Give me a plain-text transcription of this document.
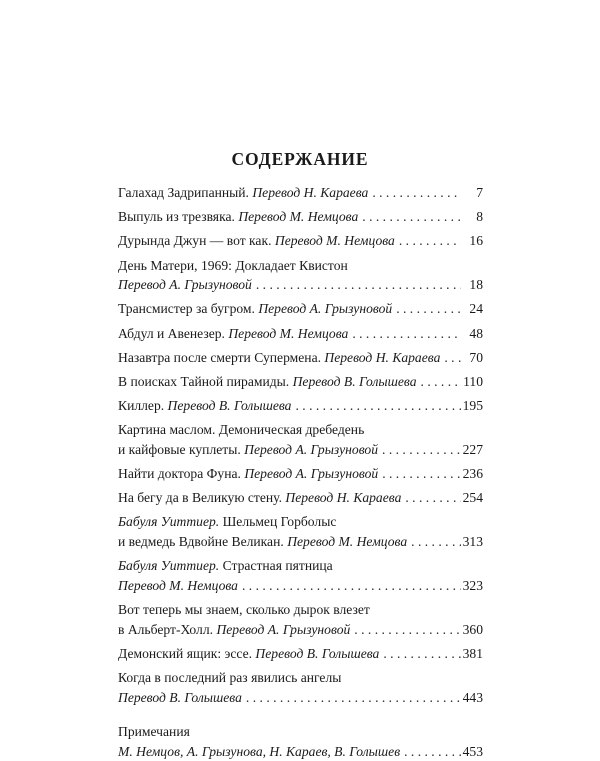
СОДЕРЖАНИЕ
Галахад Задрипанный. Перевод Н. Караева . . .	7
Выпуль из трезвяка. Перевод М. Немцова . . .	8
Дурында Джун — вот как. Перевод М. Немцова . . .	16
День Матери, 1969: Докладает Квистон
Перевод А. Грызуновой . . .	18
Трансмистер за бугром. Перевод А. Грызуновой . . .	24
Абдул и Авенезер. Перевод М. Немцова . . .	48
Назавтра после смерти Супермена. Перевод Н. Караева . . .	70
В поисках Тайной пирамиды. Перевод В. Голышева . . .	110
Киллер. Перевод В. Голышева . . .	195
Картина маслом. Демоническая дребедень
и кайфовые куплеты. Перевод А. Грызуновой . . .	227
Найти доктора Фуна. Перевод А. Грызуновой . . .	236
На бегу да в Великую стену. Перевод Н. Караева . . .	254
Бабуля Уиттиер. Шельмец Горболыс
и ведмедь Вдвойне Великан. Перевод М. Немцова . . .	313
Бабуля Уиттиер. Страстная пятница
Перевод М. Немцова . . .	323
Вот теперь мы знаем, сколько дырок влезет
в Альберт-Холл. Перевод А. Грызуновой . . .	360
Демонский ящик: эссе. Перевод В. Голышева . . .	381
Когда в последний раз явились ангелы
Перевод В. Голышева . . .	443
Примечания
М. Немцов, А. Грызунова, Н. Караев, В. Голышев . . .	453
